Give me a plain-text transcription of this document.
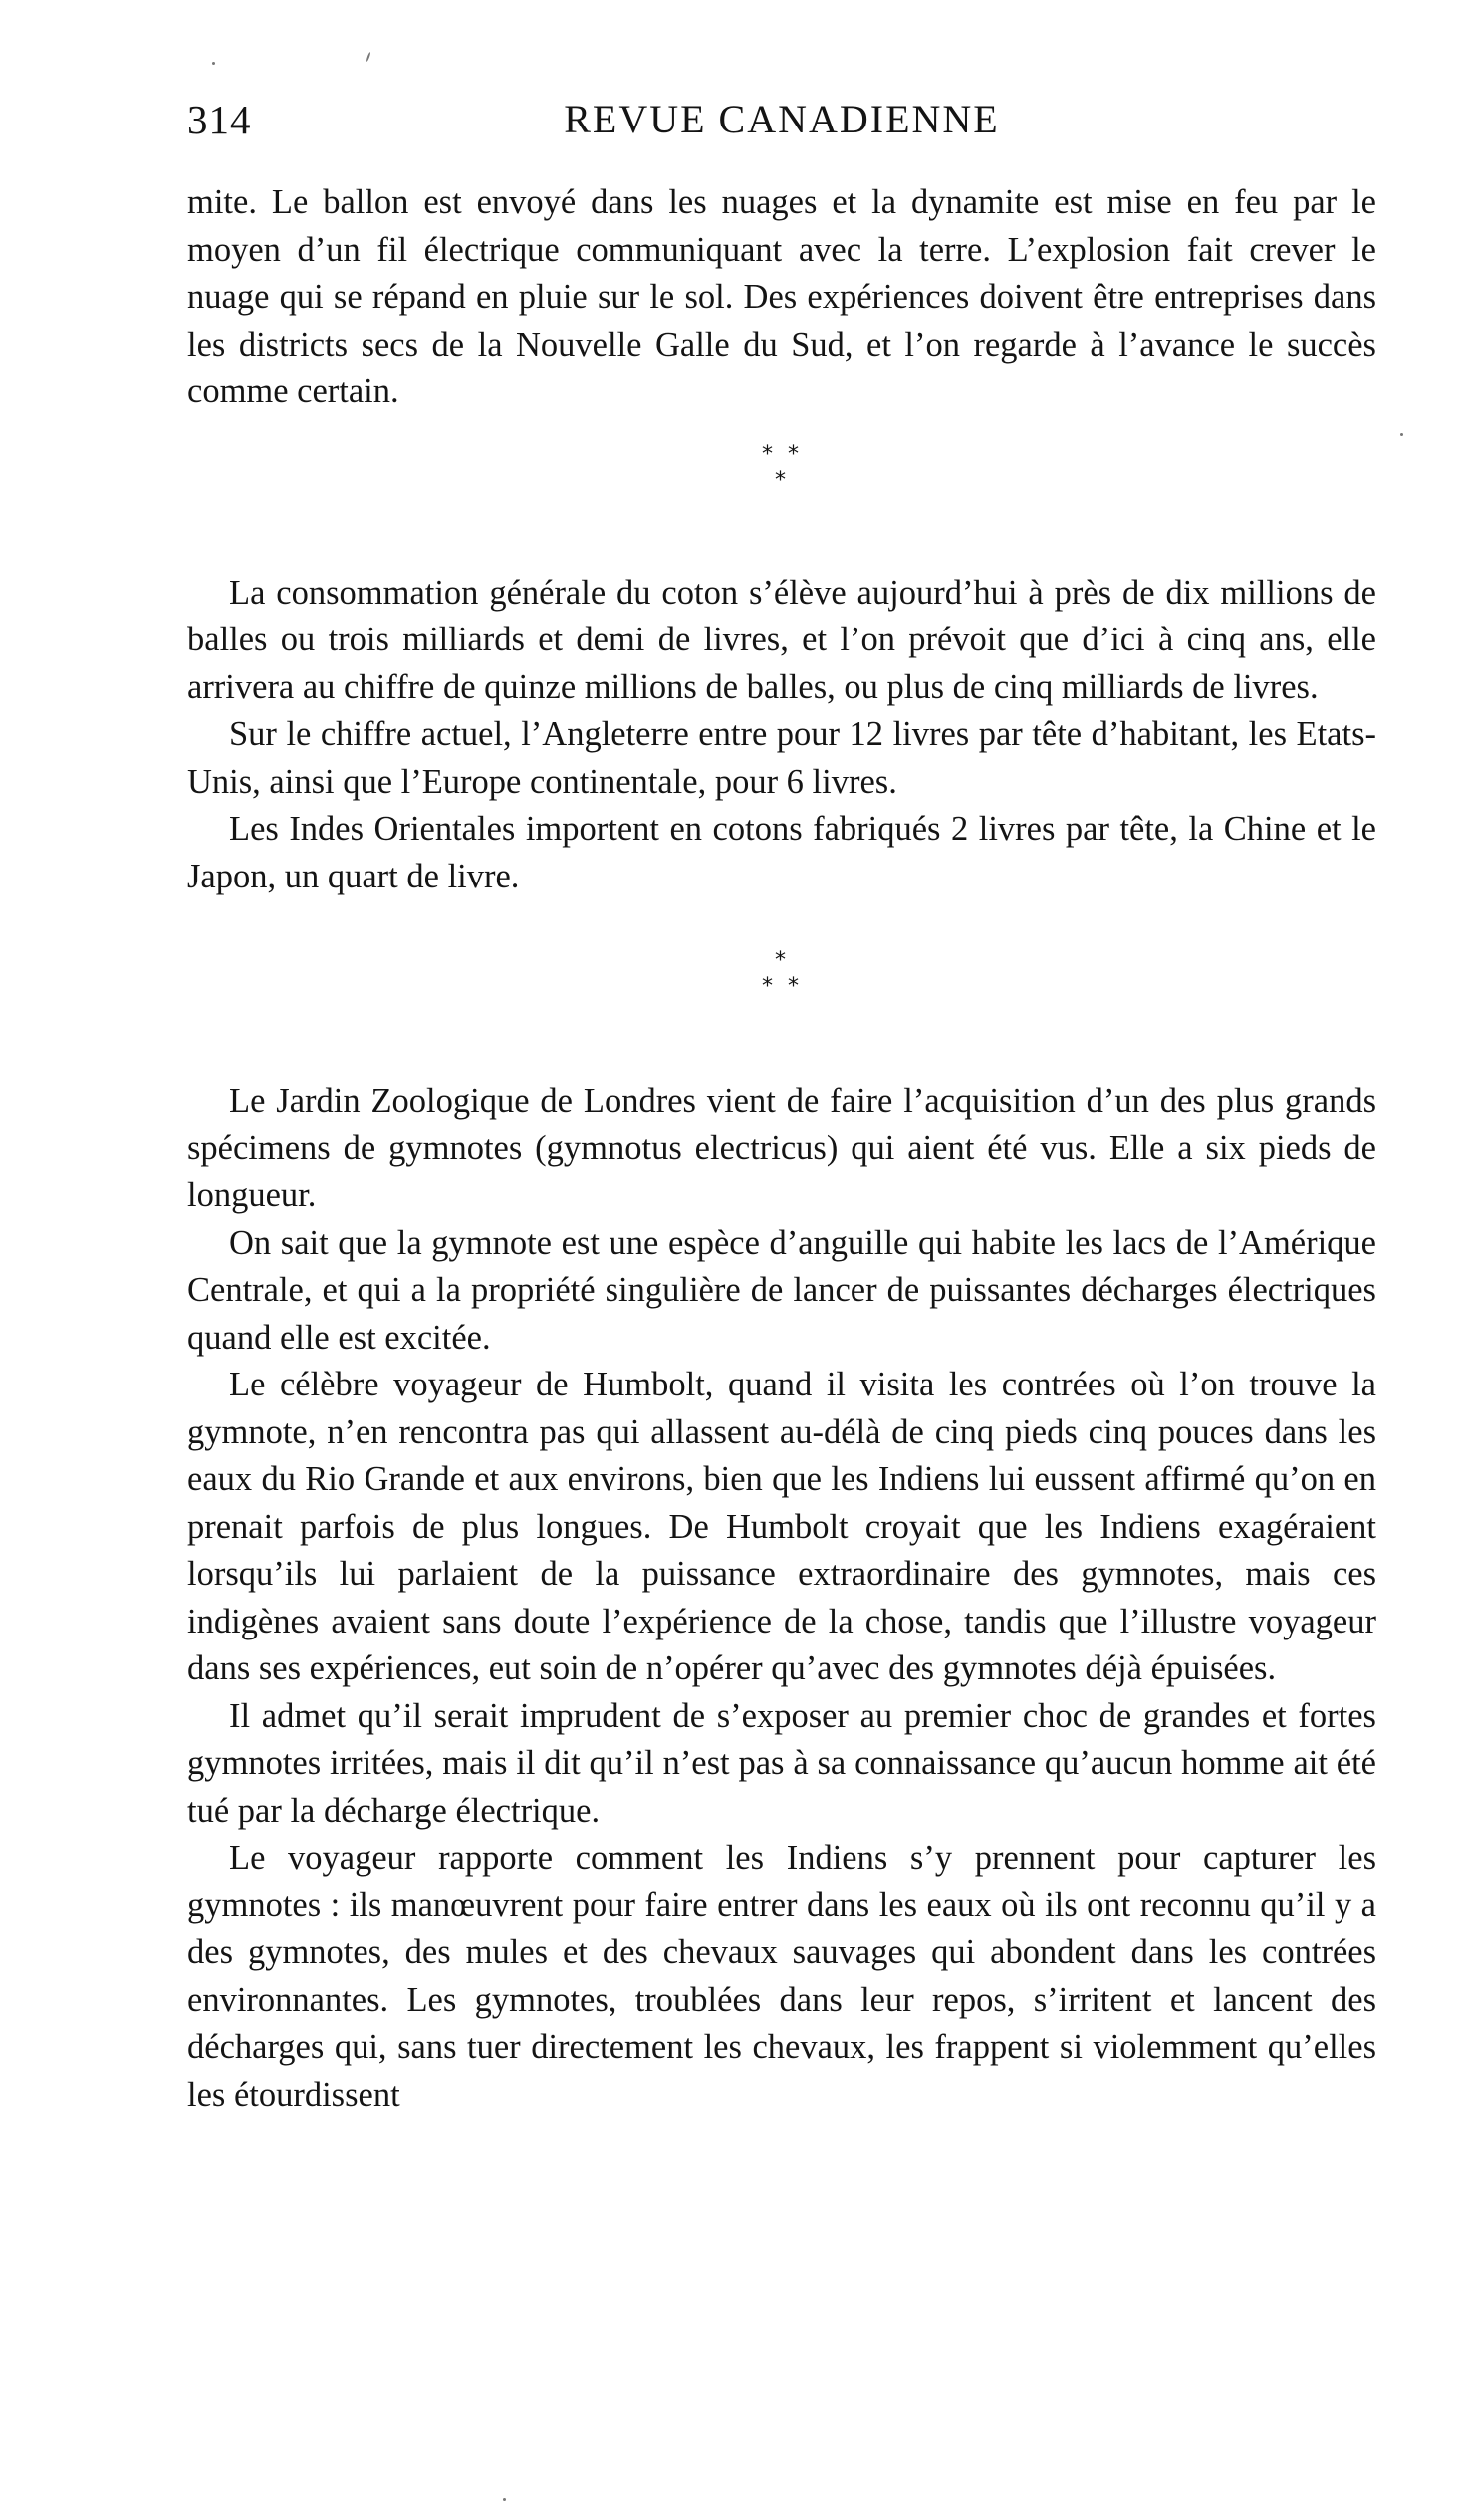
314	REVUE CANADIENNE

mite. Le ballon est envoyé dans les nuages et la dynamite est mise en feu par le moyen d’un fil électrique communiquant avec la terre. L’explosion fait crever le nuage qui se répand en pluie sur le sol. Des expériences doivent être entreprises dans les districts secs de la Nouvelle Galle du Sud, et l’on regarde à l’avance le succès comme certain.

* *
*

La consommation générale du coton s’élève aujourd’hui à près de dix millions de balles ou trois milliards et demi de livres, et l’on prévoit que d’ici à cinq ans, elle arrivera au chiffre de quinze millions de balles, ou plus de cinq milliards de livres.

Sur le chiffre actuel, l’Angleterre entre pour 12 livres par tête d’habitant, les Etats-Unis, ainsi que l’Europe continentale, pour 6 livres.

Les Indes Orientales importent en cotons fabriqués 2 livres par tête, la Chine et le Japon, un quart de livre.

*
* *

Le Jardin Zoologique de Londres vient de faire l’acquisition d’un des plus grands spécimens de gymnotes (gymnotus electricus) qui aient été vus. Elle a six pieds de longueur.

On sait que la gymnote est une espèce d’anguille qui habite les lacs de l’Amérique Centrale, et qui a la propriété singulière de lancer de puissantes décharges électriques quand elle est excitée.

Le célèbre voyageur de Humbolt, quand il visita les contrées où l’on trouve la gymnote, n’en rencontra pas qui allassent au-délà de cinq pieds cinq pouces dans les eaux du Rio Grande et aux environs, bien que les Indiens lui eussent affirmé qu’on en prenait parfois de plus longues. De Humbolt croyait que les Indiens exagéraient lorsqu’ils lui parlaient de la puissance extraordinaire des gymnotes, mais ces indigènes avaient sans doute l’expérience de la chose, tandis que l’illustre voyageur dans ses expériences, eut soin de n’opérer qu’avec des gymnotes déjà épuisées.

Il admet qu’il serait imprudent de s’exposer au premier choc de grandes et fortes gymnotes irritées, mais il dit qu’il n’est pas à sa connaissance qu’aucun homme ait été tué par la décharge électrique.

Le voyageur rapporte comment les Indiens s’y prennent pour capturer les gymnotes : ils manœuvrent pour faire entrer dans les eaux où ils ont reconnu qu’il y a des gymnotes, des mules et des chevaux sauvages qui abondent dans les contrées environnantes. Les gymnotes, troublées dans leur repos, s’irritent et lancent des décharges qui, sans tuer directement les chevaux, les frappent si violemment qu’elles les étourdissent
